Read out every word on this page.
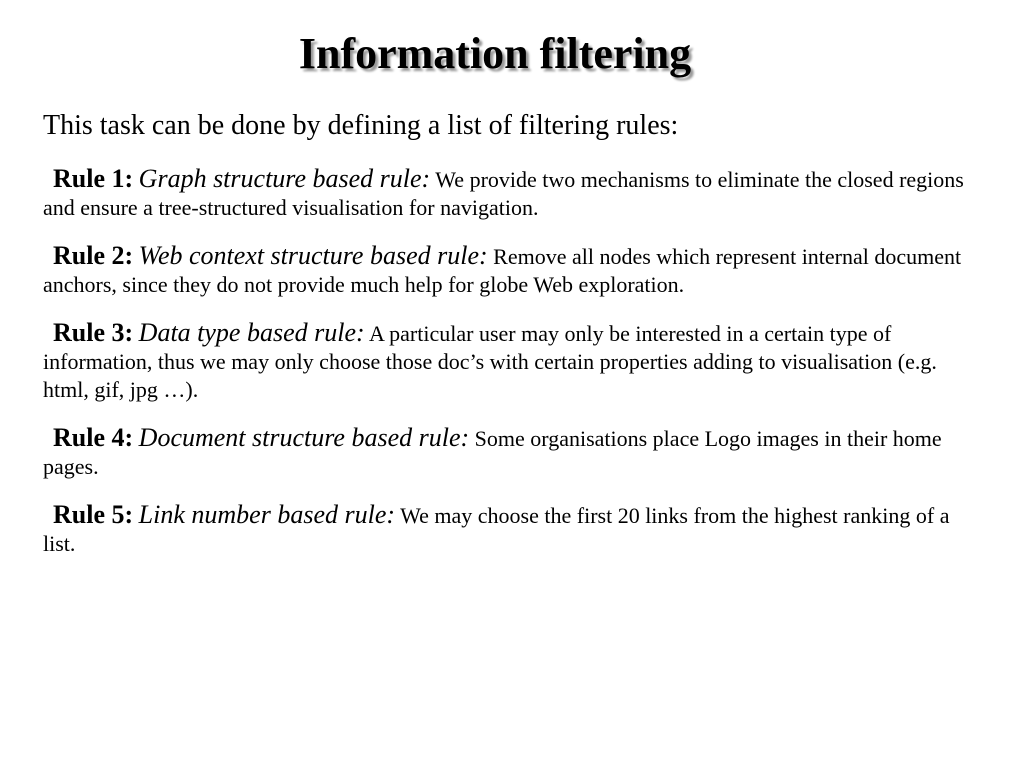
Information filtering

This task can be done by defining a list of filtering rules:

Rule 1: Graph structure based rule: We provide two mechanisms to eliminate the closed regions and ensure a tree-structured visualisation for navigation.
Rule 2: Web context structure based rule: Remove all nodes which represent internal document anchors, since they do not provide much help for globe Web exploration.
Rule 3: Data type based rule: A particular user may only be interested in a certain type of information, thus we may only choose those doc’s with certain properties adding to visualisation (e.g. html, gif, jpg …).
Rule 4: Document structure based rule: Some organisations place Logo images in their home pages.
Rule 5: Link number based rule: We may choose the first 20 links from the highest ranking of a list.
